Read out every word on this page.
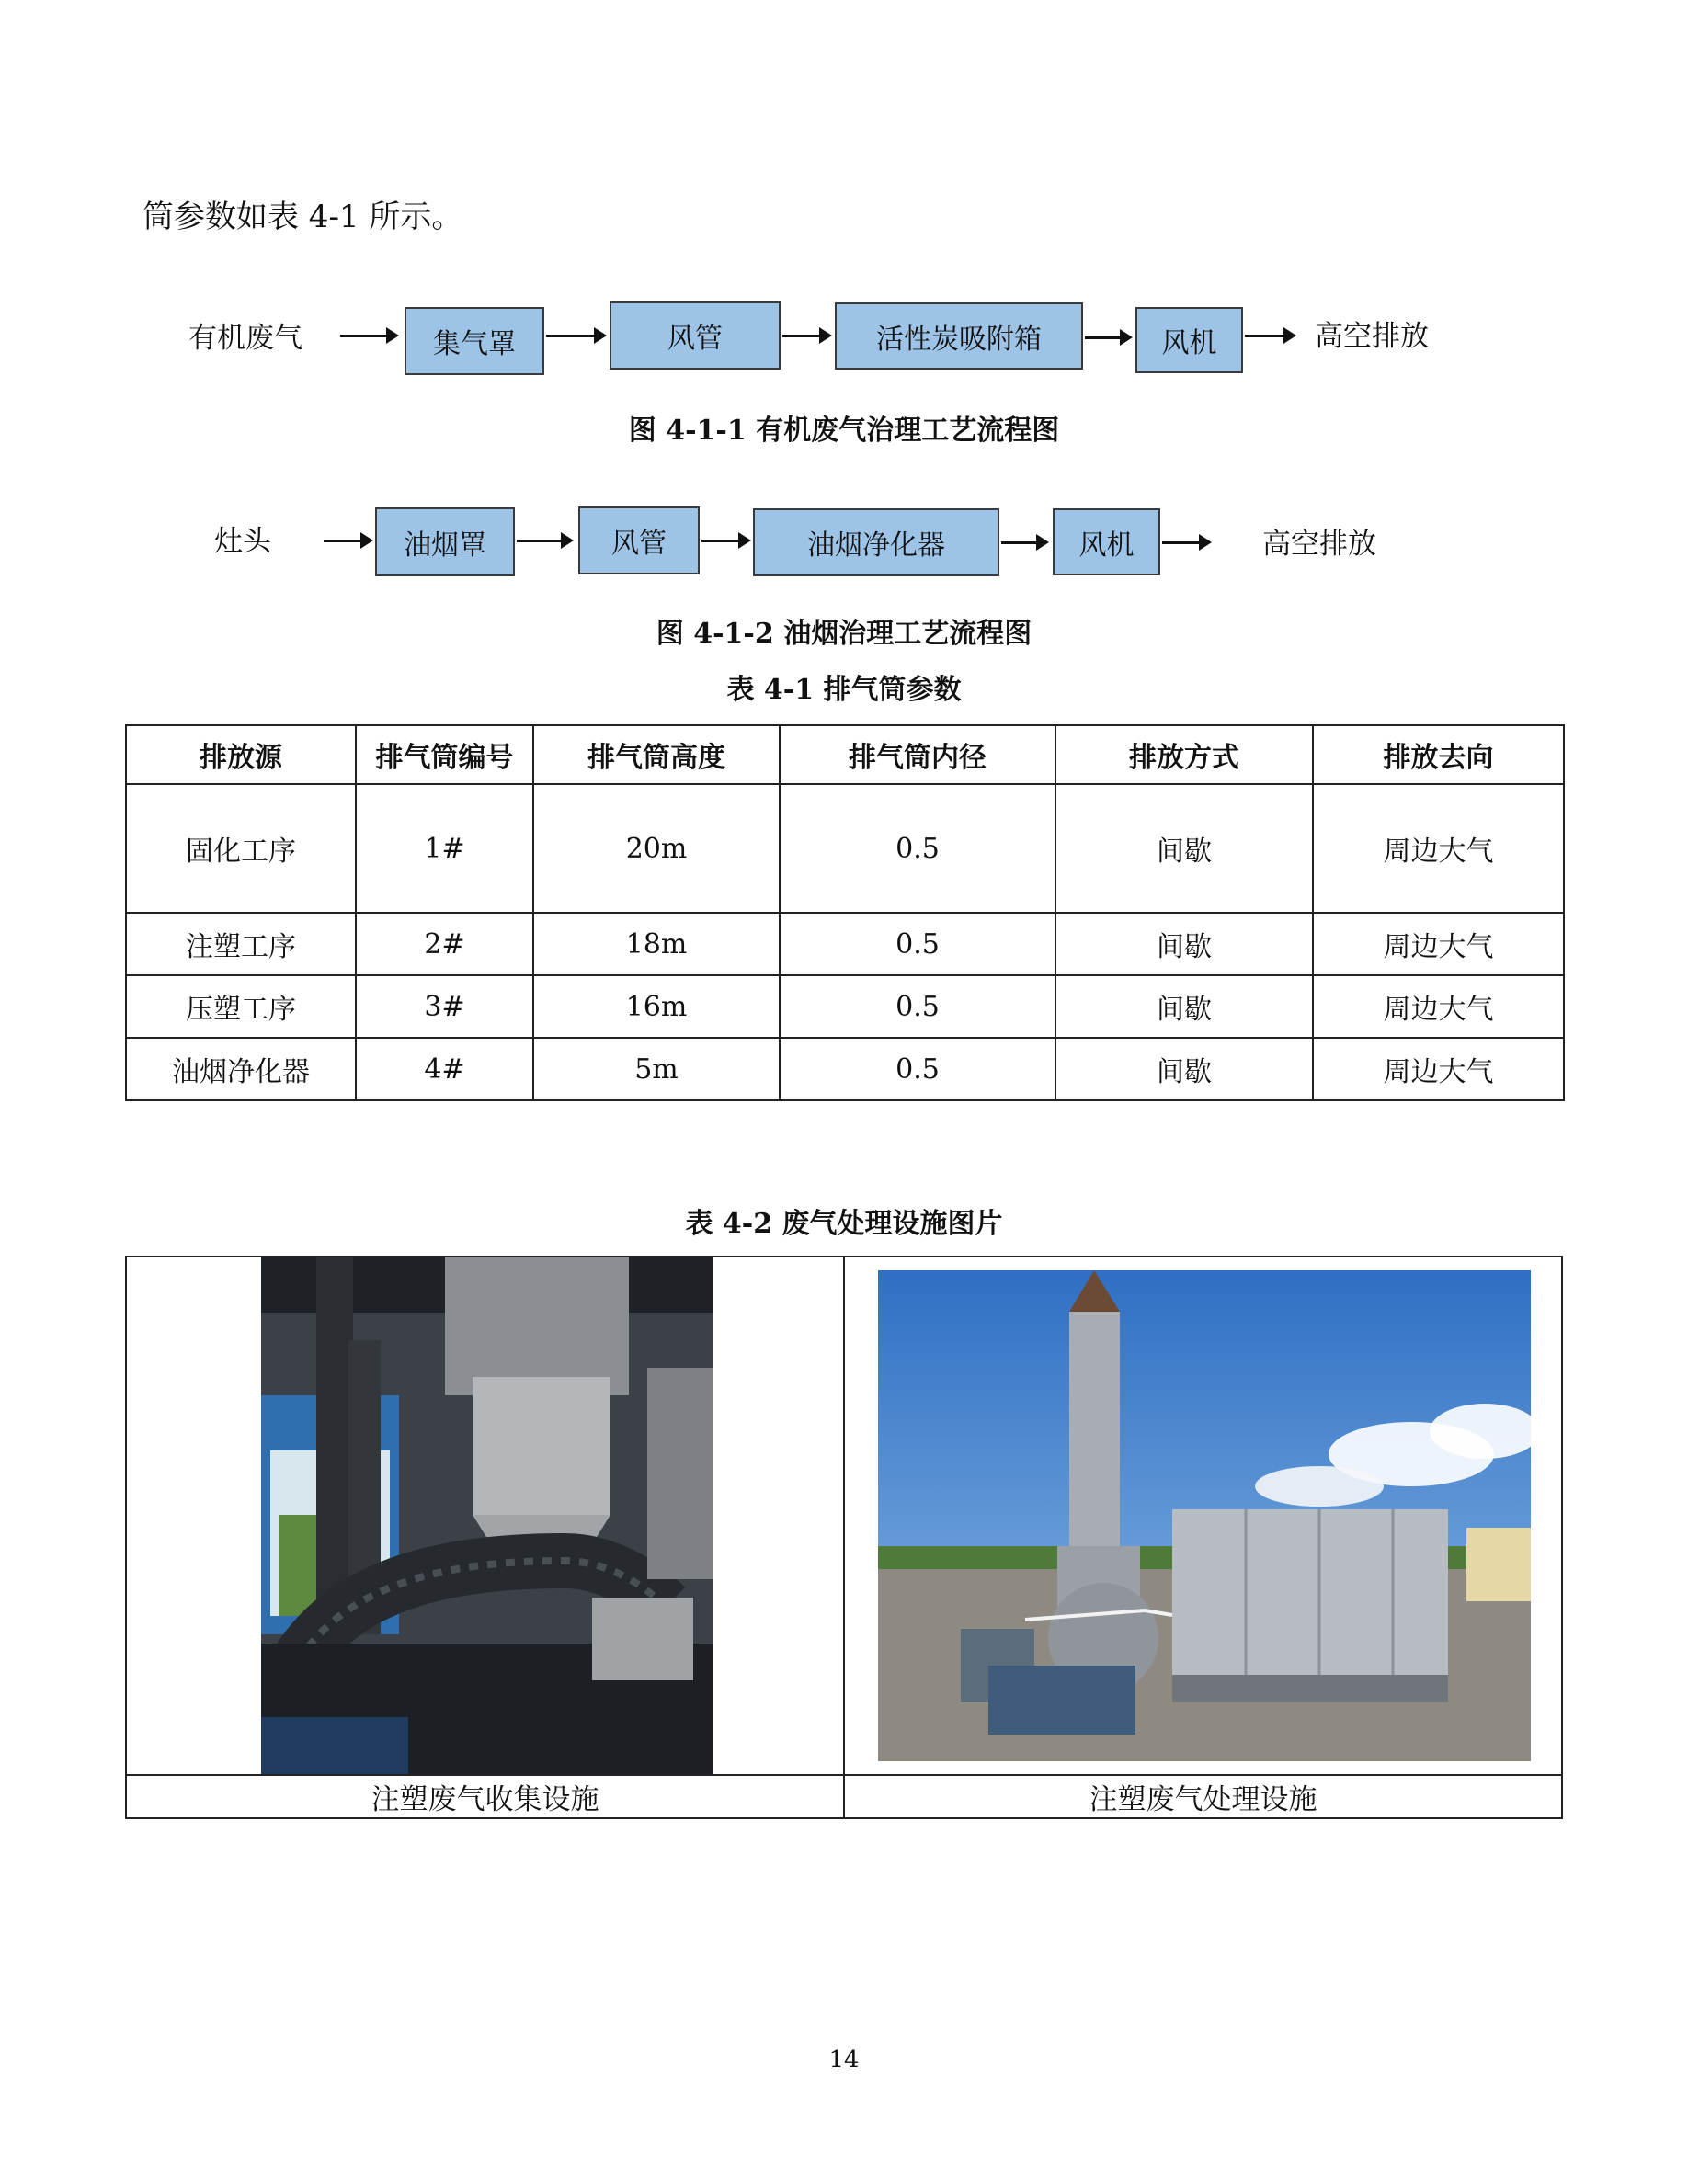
筒参数如表 4-1 所示。
有机废气	集气罩	风管	活性炭吸附箱	风机	高空排放
图 4-1-1 有机废气治理工艺流程图
灶头	油烟罩	风管	油烟净化器	风机	高空排放
图 4-1-2 油烟治理工艺流程图
表 4-1 排气筒参数
排放源	排气筒编号	排气筒高度	排气筒内径	排放方式	排放去向
固化工序	1#	20m	0.5	间歇	周边大气
注塑工序	2#	18m	0.5	间歇	周边大气
压塑工序	3#	16m	0.5	间歇	周边大气
油烟净化器	4#	5m	0.5	间歇	周边大气
表 4-2 废气处理设施图片

注塑废气收集设施	注塑废气处理设施
14
